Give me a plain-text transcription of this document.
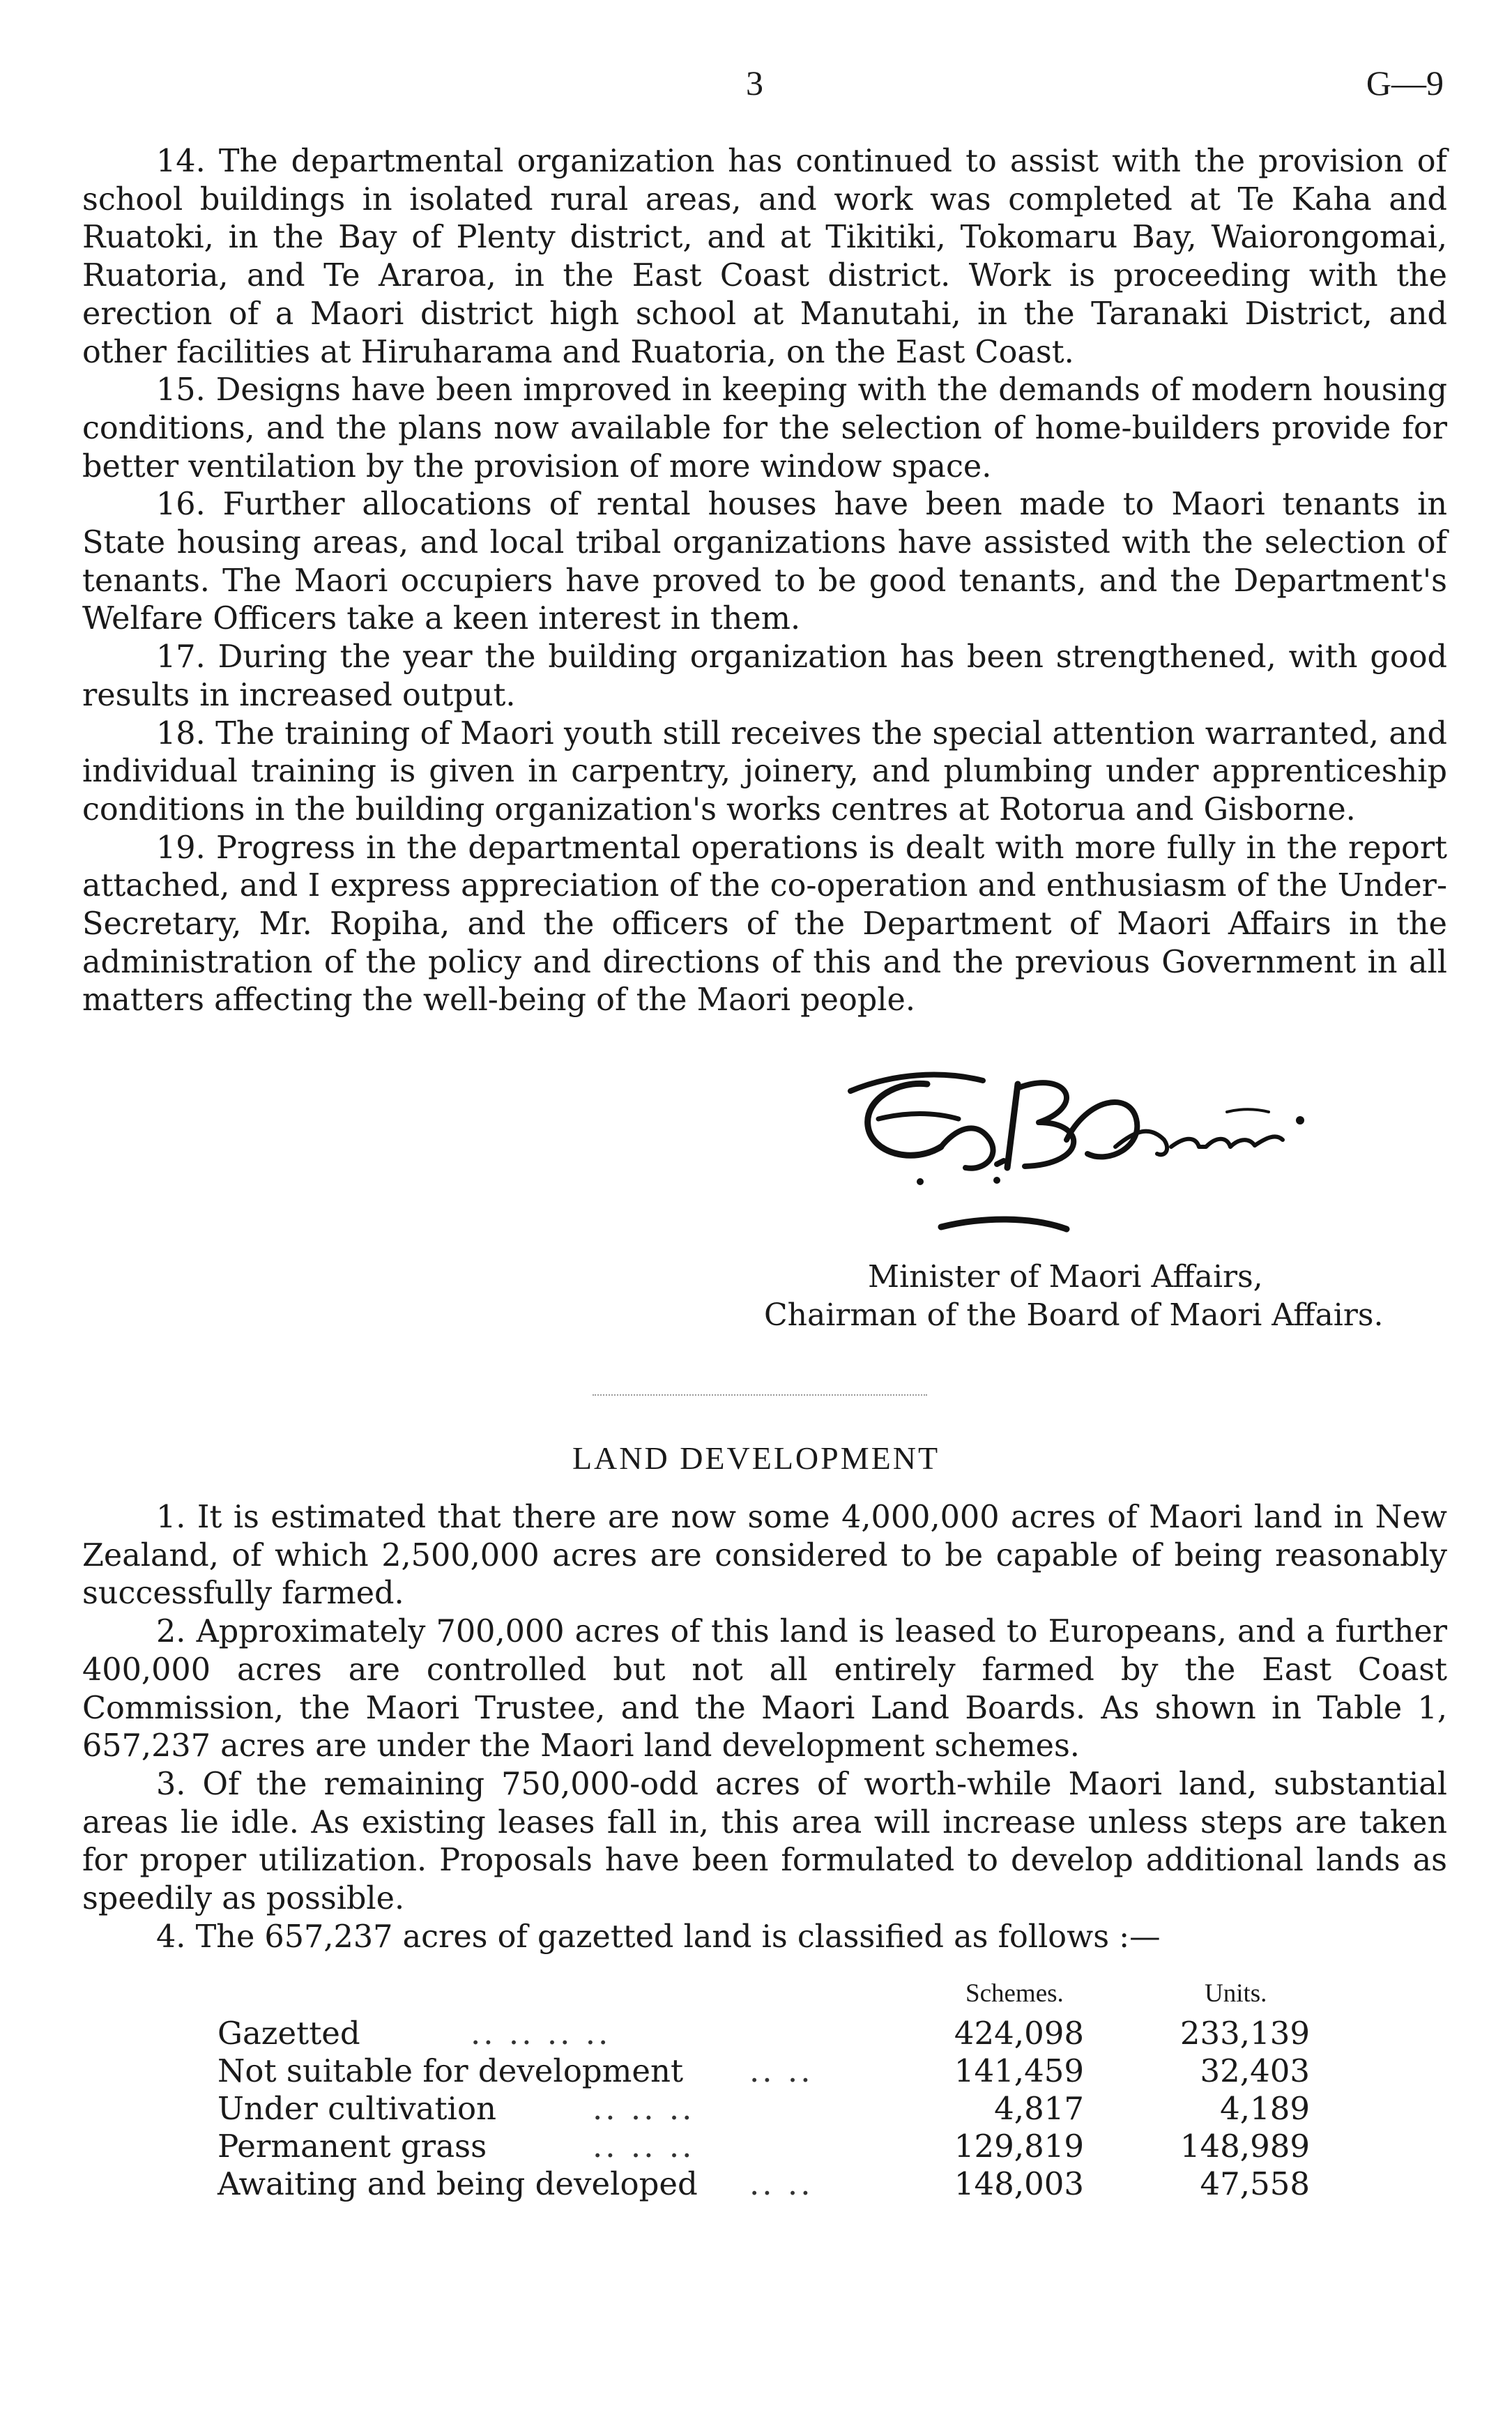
3	G—9

14. The departmental organization has continued to assist with the provision of school buildings in isolated rural areas, and work was completed at Te Kaha and Ruatoki, in the Bay of Plenty district, and at Tikitiki, Tokomaru Bay, Waiorongomai, Ruatoria, and Te Araroa, in the East Coast district. Work is proceeding with the erection of a Maori district high school at Manutahi, in the Taranaki District, and other facilities at Hiruharama and Ruatoria, on the East Coast.

15. Designs have been improved in keeping with the demands of modern housing conditions, and the plans now available for the selection of home-builders provide for better ventilation by the provision of more window space.

16. Further allocations of rental houses have been made to Maori tenants in State housing areas, and local tribal organizations have assisted with the selection of tenants. The Maori occupiers have proved to be good tenants, and the Department's Welfare Officers take a keen interest in them.

17. During the year the building organization has been strengthened, with good results in increased output.

18. The training of Maori youth still receives the special attention warranted, and individual training is given in carpentry, joinery, and plumbing under apprenticeship conditions in the building organization's works centres at Rotorua and Gisborne.

19. Progress in the departmental operations is dealt with more fully in the report attached, and I express appreciation of the co-operation and enthusiasm of the Under-Secretary, Mr. Ropiha, and the officers of the Department of Maori Affairs in the administration of the policy and directions of this and the previous Government in all matters affecting the well-being of the Maori people.

Minister of Maori Affairs,
Chairman of the Board of Maori Affairs.
LAND DEVELOPMENT

1. It is estimated that there are now some 4,000,000 acres of Maori land in New Zealand, of which 2,500,000 acres are considered to be capable of being reasonably successfully farmed.

2. Approximately 700,000 acres of this land is leased to Europeans, and a further 400,000 acres are controlled but not all entirely farmed by the East Coast Commission, the Maori Trustee, and the Maori Land Boards. As shown in Table 1, 657,237 acres are under the Maori land development schemes.

3. Of the remaining 750,000-odd acres of worth-while Maori land, substantial areas lie idle. As existing leases fall in, this area will increase unless steps are taken for proper utilization. Proposals have been formulated to develop additional lands as speedily as possible.

4. The 657,237 acres of gazetted land is classified as follows :—

Schemes.	Units.
Gazetted	.. .. .. ..	424,098	233,139
Not suitable for development .. ..	141,459	32,403
Under cultivation	.. .. ..	4,817	4,189
Permanent grass	.. .. ..	129,819	148,989
Awaiting and being developed .. ..	148,003	47,558
